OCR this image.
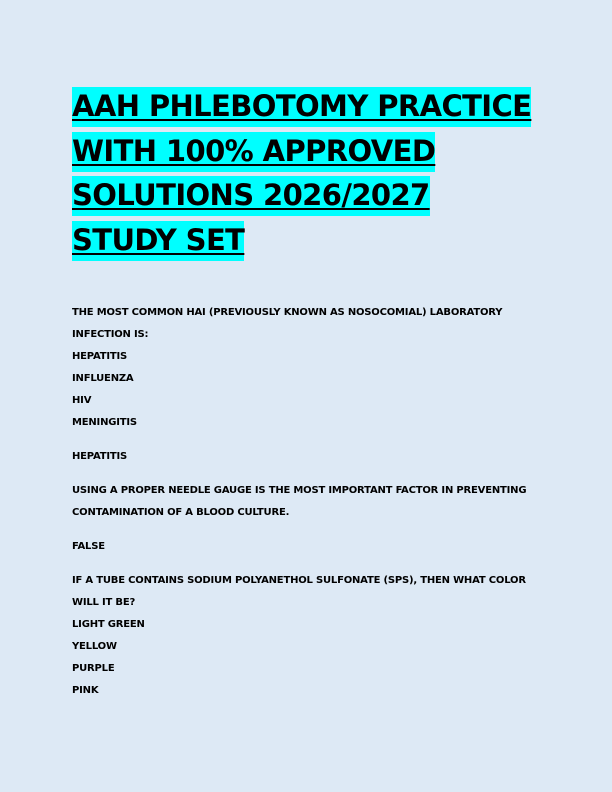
AAH PHLEBOTOMY PRACTICE WITH 100% APPROVED SOLUTIONS 2026/2027 STUDY SET

THE MOST COMMON HAI (PREVIOUSLY KNOWN AS NOSOCOMIAL) LABORATORY INFECTION IS:

HEPATITIS

INFLUENZA

HIV

MENINGITIS

HEPATITIS

USING A PROPER NEEDLE GAUGE IS THE MOST IMPORTANT FACTOR IN PREVENTING CONTAMINATION OF A BLOOD CULTURE.

FALSE

IF A TUBE CONTAINS SODIUM POLYANETHOL SULFONATE (SPS), THEN WHAT COLOR WILL IT BE?

LIGHT GREEN

YELLOW

PURPLE

PINK
